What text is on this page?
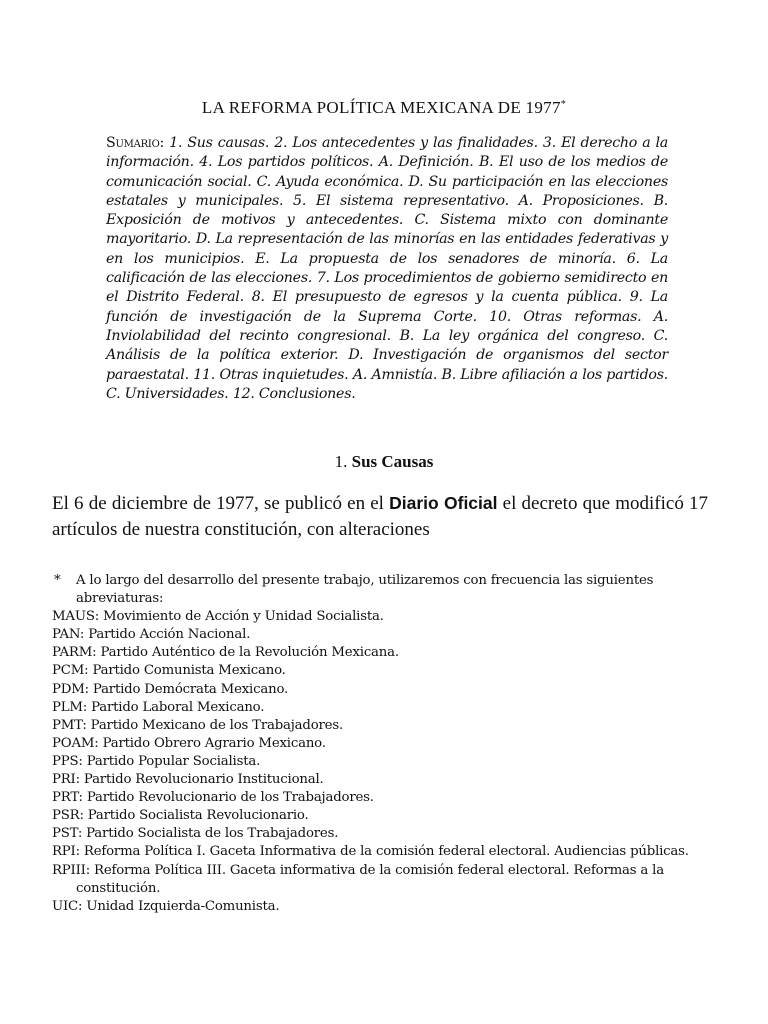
LA REFORMA POLÍTICA MEXICANA DE 1977*
Sumario: 1. Sus causas. 2. Los antecedentes y las finalidades. 3. El derecho a la información. 4. Los partidos políticos. A. Definición. B. El uso de los medios de comunicación social. C. Ayuda económica. D. Su participación en las elecciones estatales y municipales. 5. El sistema representativo. A. Proposiciones. B. Exposición de motivos y antecedentes. C. Sistema mixto con dominante mayoritario. D. La representación de las minorías en las entidades federativas y en los municipios. E. La propuesta de los senadores de minoría. 6. La calificación de las elecciones. 7. Los procedimientos de gobierno semidirecto en el Distrito Federal. 8. El presupuesto de egresos y la cuenta pública. 9. La función de investigación de la Suprema Corte. 10. Otras reformas. A. Inviolabilidad del recinto congresional. B. La ley orgánica del congreso. C. Análisis de la política exterior. D. Investigación de organismos del sector paraestatal. 11. Otras inquietudes. A. Amnistía. B. Libre afiliación a los partidos. C. Universidades. 12. Conclusiones.
1. Sus Causas
El 6 de diciembre de 1977, se publicó en el Diario Oficial el decreto que modificó 17 artículos de nuestra constitución, con alteraciones
* A lo largo del desarrollo del presente trabajo, utilizaremos con frecuencia las siguientes abreviaturas:
MAUS: Movimiento de Acción y Unidad Socialista.
PAN: Partido Acción Nacional.
PARM: Partido Auténtico de la Revolución Mexicana.
PCM: Partido Comunista Mexicano.
PDM: Partido Demócrata Mexicano.
PLM: Partido Laboral Mexicano.
PMT: Partido Mexicano de los Trabajadores.
POAM: Partido Obrero Agrario Mexicano.
PPS: Partido Popular Socialista.
PRI: Partido Revolucionario Institucional.
PRT: Partido Revolucionario de los Trabajadores.
PSR: Partido Socialista Revolucionario.
PST: Partido Socialista de los Trabajadores.
RPI: Reforma Política I. Gaceta Informativa de la comisión federal electoral. Audiencias públicas.
RPIII: Reforma Política III. Gaceta informativa de la comisión federal electoral. Reformas a la constitución.
UIC: Unidad Izquierda-Comunista.
